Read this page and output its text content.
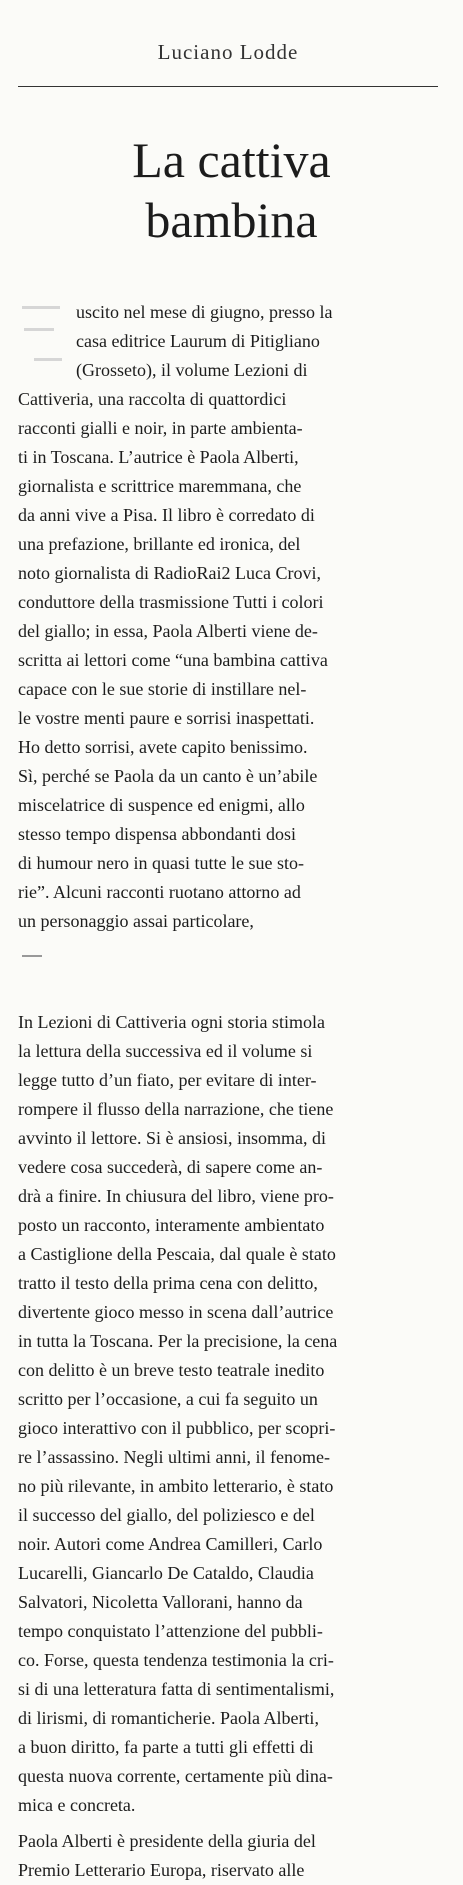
Luciano Lodde
La cattiva
bambina
uscito nel mese di giugno, presso la
casa editrice Laurum di Pitigliano
(Grosseto), il volume Lezioni di
Cattiveria, una raccolta di quattordici
racconti gialli e noir, in parte ambienta-
ti in Toscana. L’autrice è Paola Alberti,
giornalista e scrittrice maremmana, che
da anni vive a Pisa. Il libro è corredato di
una prefazione, brillante ed ironica, del
noto giornalista di RadioRai2 Luca Crovi,
conduttore della trasmissione Tutti i colori
del giallo; in essa, Paola Alberti viene de-
scritta ai lettori come “una bambina cattiva
capace con le sue storie di instillare nel-
le vostre menti paure e sorrisi inaspettati.
Ho detto sorrisi, avete capito benissimo.
Sì, perché se Paola da un canto è un’abile
miscelatrice di suspence ed enigmi, allo
stesso tempo dispensa abbondanti dosi
di humour nero in quasi tutte le sue sto-
rie”. Alcuni racconti ruotano attorno ad
un personaggio assai particolare,
In Lezioni di Cattiveria ogni storia stimola
la lettura della successiva ed il volume si
legge tutto d’un fiato, per evitare di inter-
rompere il flusso della narrazione, che tiene
avvinto il lettore. Si è ansiosi, insomma, di
vedere cosa succederà, di sapere come an-
drà a finire. In chiusura del libro, viene pro-
posto un racconto, interamente ambientato
a Castiglione della Pescaia, dal quale è stato
tratto il testo della prima cena con delitto,
divertente gioco messo in scena dall’autrice
in tutta la Toscana. Per la precisione, la cena
con delitto è un breve testo teatrale inedito
scritto per l’occasione, a cui fa seguito un
gioco interattivo con il pubblico, per scopri-
re l’assassino. Negli ultimi anni, il fenome-
no più rilevante, in ambito letterario, è stato
il successo del giallo, del poliziesco e del
noir. Autori come Andrea Camilleri, Carlo
Lucarelli, Giancarlo De Cataldo, Claudia
Salvatori, Nicoletta Vallorani, hanno da
tempo conquistato l’attenzione del pubbli-
co. Forse, questa tendenza testimonia la cri-
si di una letteratura fatta di sentimentalismi,
di lirismi, di romanticherie. Paola Alberti,
a buon diritto, fa parte a tutti gli effetti di
questa nuova corrente, certamente più dina-
mica e concreta.
Paola Alberti è presidente della giuria del
Premio Letterario Europa, riservato alle
